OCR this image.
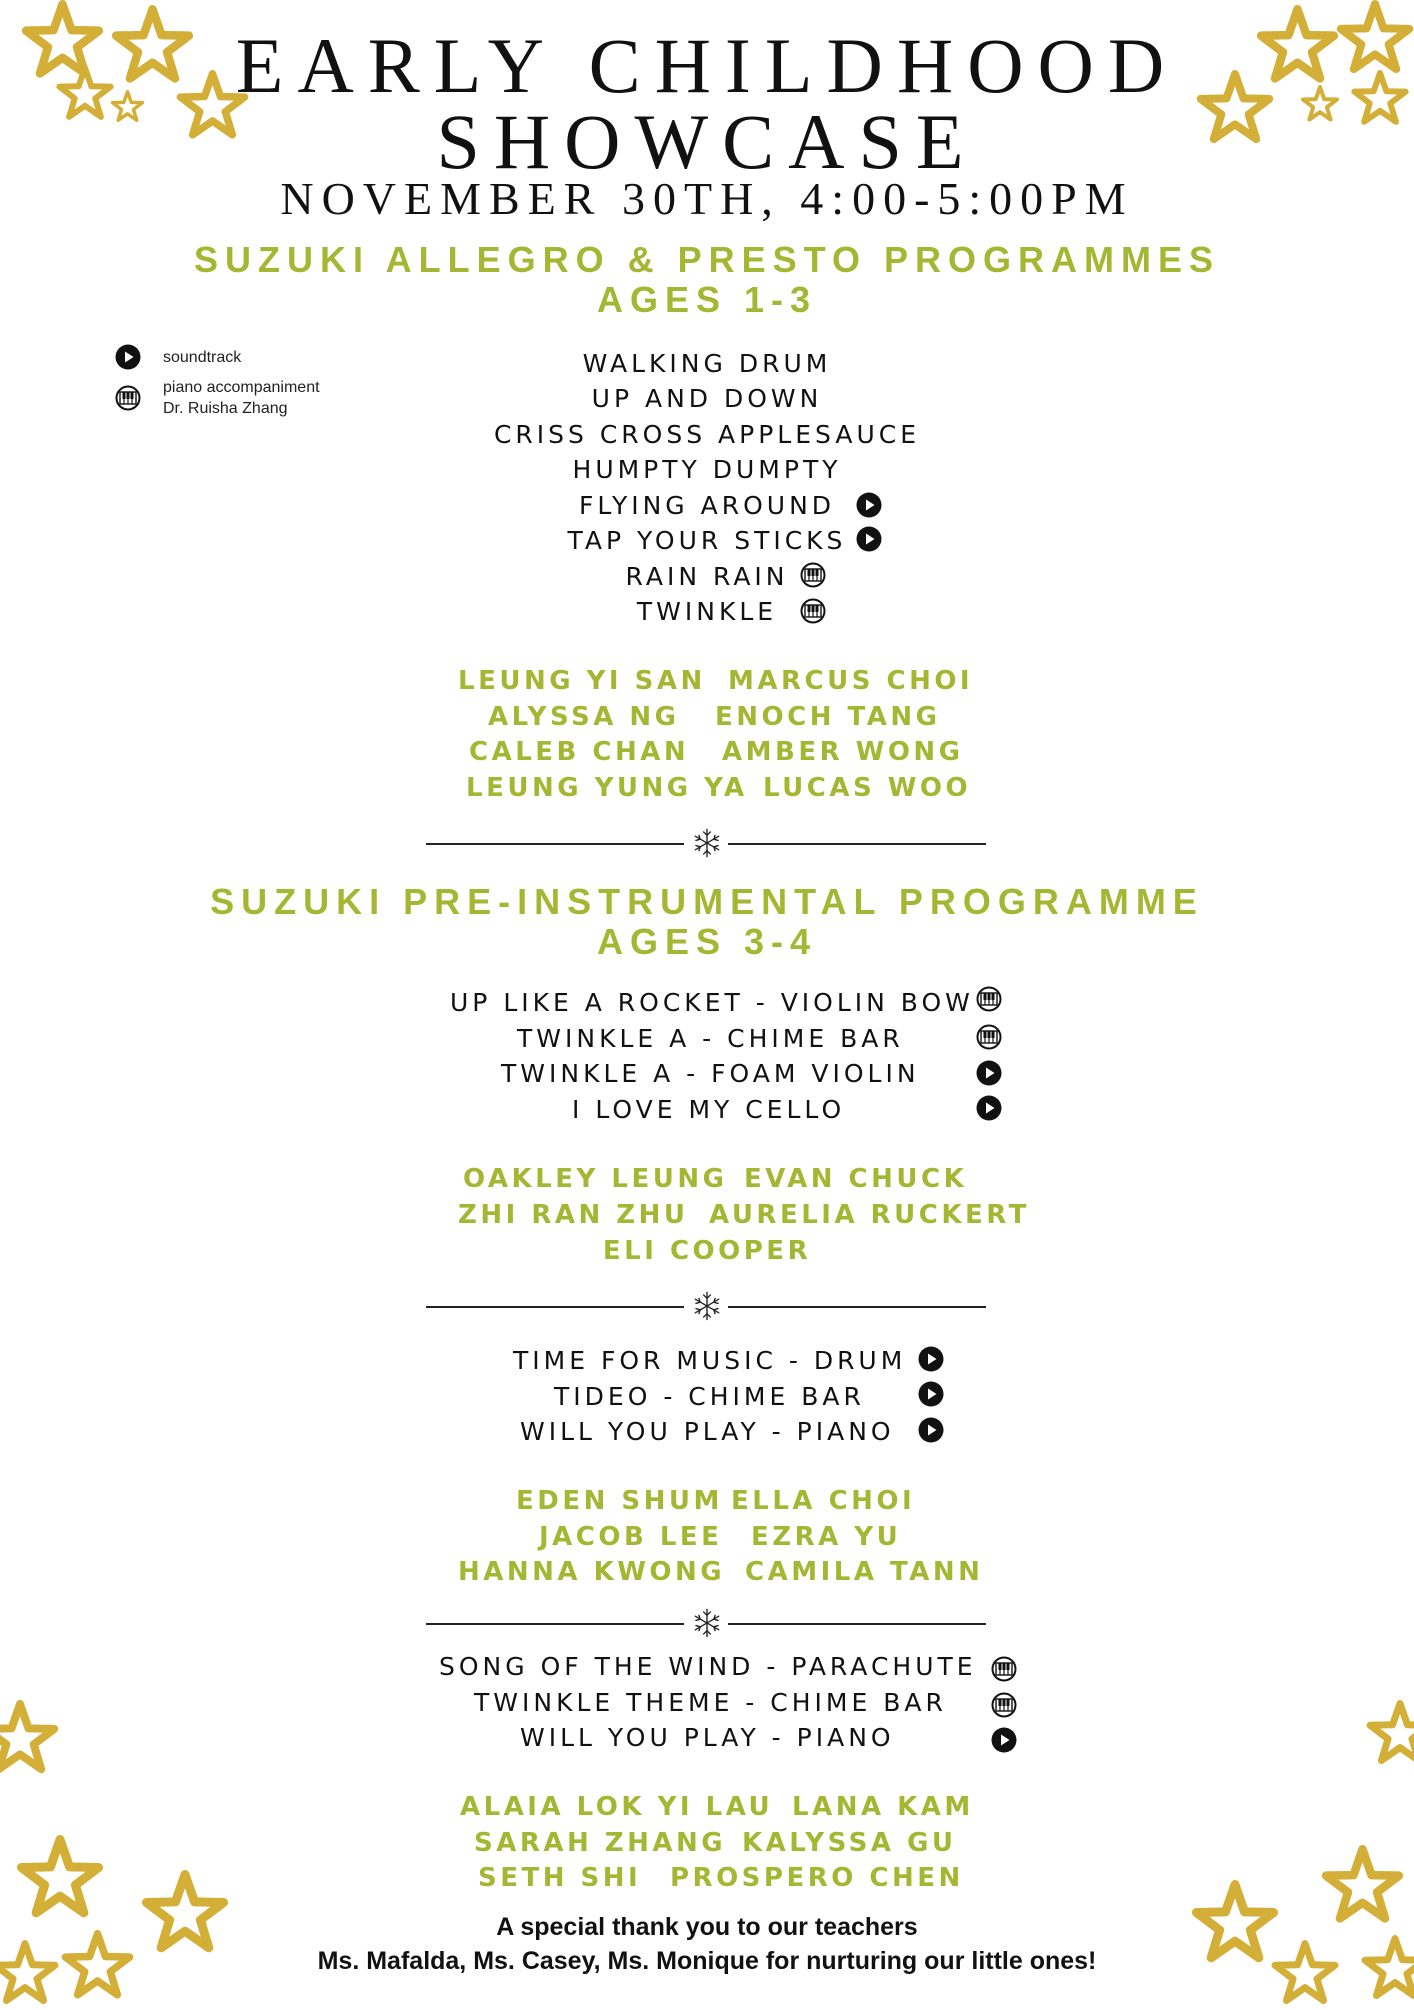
EARLY CHILDHOOD
SHOWCASE
NOVEMBER 30TH, 4:00-5:00PM
SUZUKI ALLEGRO & PRESTO PROGRAMMES
AGES 1-3
soundtrack
piano accompaniment
Dr. Ruisha Zhang
WALKING DRUM
UP AND DOWN
CRISS CROSS APPLESAUCE
HUMPTY DUMPTY
FLYING AROUND
TAP YOUR STICKS
RAIN RAIN
TWINKLE
LEUNG YI SAN
ALYSSA NG
CALEB CHAN
LEUNG YUNG YA
MARCUS CHOI
ENOCH TANG
AMBER WONG
LUCAS WOO
SUZUKI PRE-INSTRUMENTAL PROGRAMME
AGES 3-4
UP LIKE A ROCKET - VIOLIN BOW
TWINKLE A - CHIME BAR
TWINKLE A - FOAM VIOLIN
I LOVE MY CELLO
OAKLEY LEUNG
ZHI RAN ZHU
EVAN CHUCK
AURELIA RUCKERT
ELI COOPER
TIME FOR MUSIC - DRUM
TIDEO - CHIME BAR
WILL YOU PLAY - PIANO
EDEN SHUM
JACOB LEE
HANNA KWONG
ELLA CHOI
EZRA YU
CAMILA TANN
SONG OF THE WIND - PARACHUTE
TWINKLE THEME - CHIME BAR
WILL YOU PLAY - PIANO
ALAIA LOK YI LAU
SARAH ZHANG
SETH SHI
LANA KAM
KALYSSA GU
PROSPERO CHEN
A special thank you to our teachers
Ms. Mafalda, Ms. Casey, Ms. Monique for nurturing our little ones!
